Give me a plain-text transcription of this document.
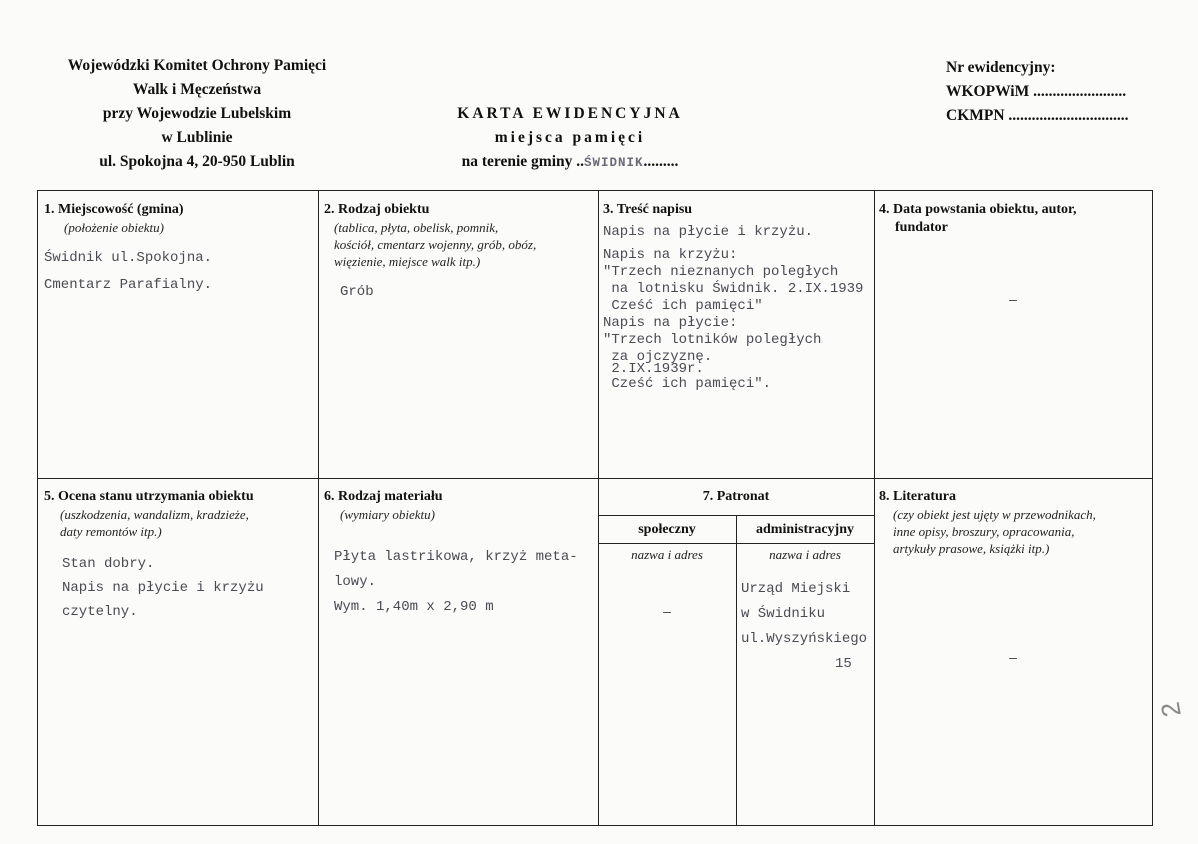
Wojewódzki Komitet Ochrony Pamięci
Walk i Męczeństwa
przy Wojewodzie Lubelskim
w Lublinie
ul. Spokojna 4, 20-950 Lublin
KARTA EWIDENCYJNA
miejsca pamięci
na terenie gminy ..ŚWIDNIK.........
Nr ewidencyjny:
WKOPWiM ........................
CKMPN ...............................
1. Miejscowość (gmina)
(położenie obiektu)
Świdnik ul.Spokojna.
Cmentarz Parafialny.
2. Rodzaj obiektu
(tablica, płyta, obelisk, pomnik,
kościół, cmentarz wojenny, grób, obóz,
więzienie, miejsce walk itp.)
Grób
3. Treść napisu
Napis na płycie i krzyżu.
Napis na krzyżu:
"Trzech nieznanych poległych
na lotnisku Świdnik. 2.IX.1939
Cześć ich pamięci"
Napis na płycie:
"Trzech lotników poległych
za ojczyznę.
2.IX.1939r.
Cześć ich pamięci".
4. Data powstania obiektu, autor,
fundator
–
5. Ocena stanu utrzymania obiektu
(uszkodzenia, wandalizm, kradzieże,
daty remontów itp.)
Stan dobry.
Napis na płycie i krzyżu
czytelny.
6. Rodzaj materiału
(wymiary obiektu)
Płyta lastrikowa, krzyż meta-
lowy.
Wym. 1,40m x 2,90 m
7. Patronat
społeczny	administracyjny
nazwa i adres	nazwa i adres
–
Urząd Miejski
w Świdniku
ul.Wyszyńskiego
15
8. Literatura
(czy obiekt jest ujęty w przewodnikach,
inne opisy, broszury, opracowania,
artykuły prasowe, książki itp.)
–
2
